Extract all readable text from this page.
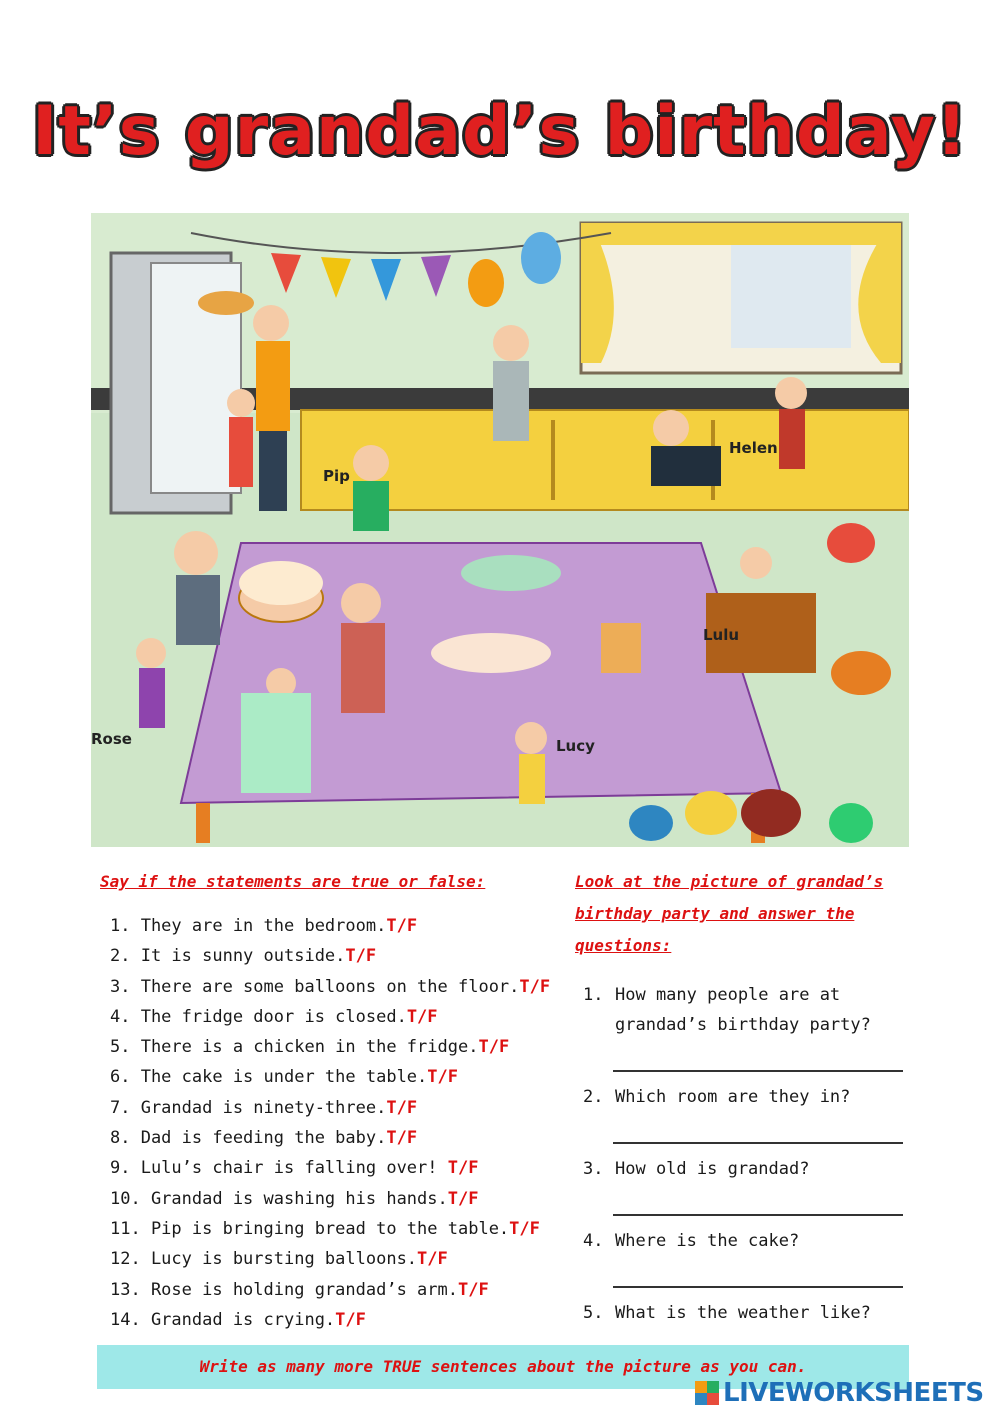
It’s grandad’s birthday!
Pip
Helen
Lulu
Rose	Lucy

Say if the statements are true or false:

1. They are in the bedroom.T/F
2. It is sunny outside.T/F
3. There are some balloons on the floor.T/F
4. The fridge door is closed.T/F
5. There is a chicken in the fridge.T/F
6. The cake is under the table.T/F
7. Grandad is ninety-three.T/F
8. Dad is feeding the baby.T/F
9. Lulu’s chair is falling over! T/F
10. Grandad is washing his hands.T/F
11. Pip is bringing bread to the table.T/F
12. Lucy is bursting balloons.T/F
13. Rose is holding grandad’s arm.T/F
14. Grandad is crying.T/F

Look at the picture of grandad’s birthday party and answer the questions:

1. How many people are at grandad’s birthday party?
2. Which room are they in?
3. How old is grandad?
4. Where is the cake?
5. What is the weather like?
Write as many more TRUE sentences about the picture as you can.
LIVEWORKSHEETS
